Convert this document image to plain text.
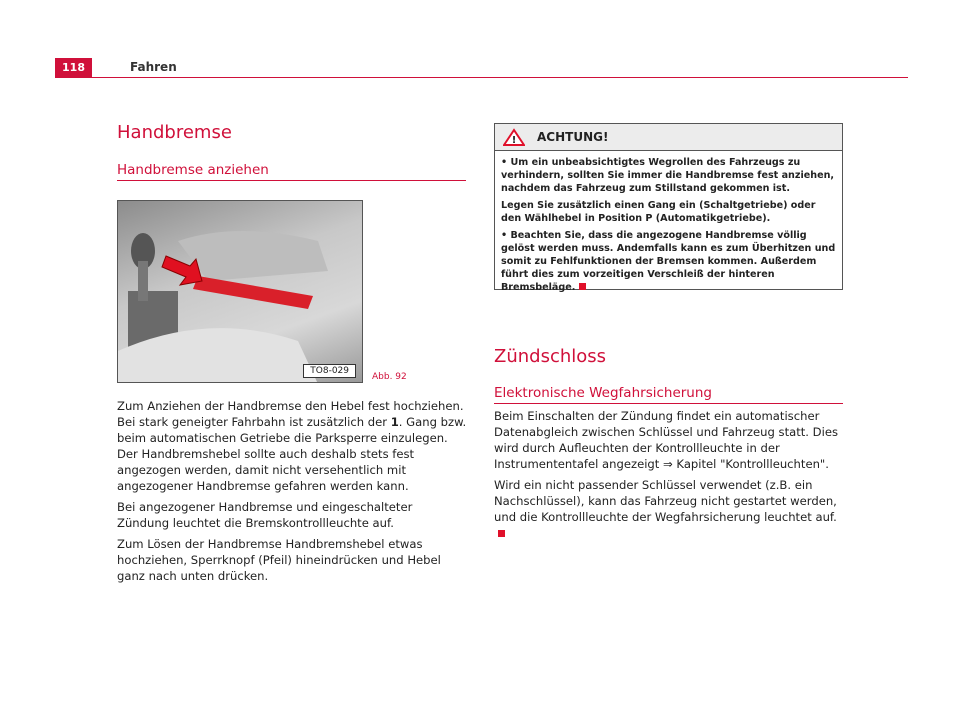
118	Fahren
Handbremse
Handbremse anziehen
TO8-029
Abb. 92

Zum Anziehen der Handbremse den Hebel fest hochziehen. Bei stark geneigter Fahrbahn ist zusätzlich der 1. Gang bzw. beim automatischen Getriebe die Parksperre einzulegen. Der Handbremshebel sollte auch deshalb stets fest angezogen werden, damit nicht versehentlich mit angezogener Handbremse gefahren werden kann.

Bei angezogener Handbremse und eingeschalteter Zündung leuchtet die Bremskontrollleuchte auf.

Zum Lösen der Handbremse Handbremshebel etwas hochziehen, Sperrknopf (Pfeil) hineindrücken und Hebel ganz nach unten drücken.

! ACHTUNG!

• Um ein unbeabsichtigtes Wegrollen des Fahrzeugs zu verhindern, sollten Sie immer die Handbremse fest anziehen, nachdem das Fahrzeug zum Stillstand gekommen ist.

Legen Sie zusätzlich einen Gang ein (Schaltgetriebe) oder den Wählhebel in Position P (Automatikgetriebe).

• Beachten Sie, dass die angezogene Handbremse völlig gelöst werden muss. Andemfalls kann es zum Überhitzen und somit zu Fehlfunktionen der Bremsen kommen. Außerdem führt dies zum vorzeitigen Verschleiß der hinteren Bremsbeläge.

Zündschloss
Elektronische Wegfahrsicherung

Beim Einschalten der Zündung findet ein automatischer Datenabgleich zwischen Schlüssel und Fahrzeug statt. Dies wird durch Aufleuchten der Kontrollleuchte in der Instrumententafel angezeigt ⇒ Kapitel "Kontrollleuchten".

Wird ein nicht passender Schlüssel verwendet (z.B. ein Nachschlüssel), kann das Fahrzeug nicht gestartet werden, und die Kontrollleuchte der Wegfahrsicherung leuchtet auf.
